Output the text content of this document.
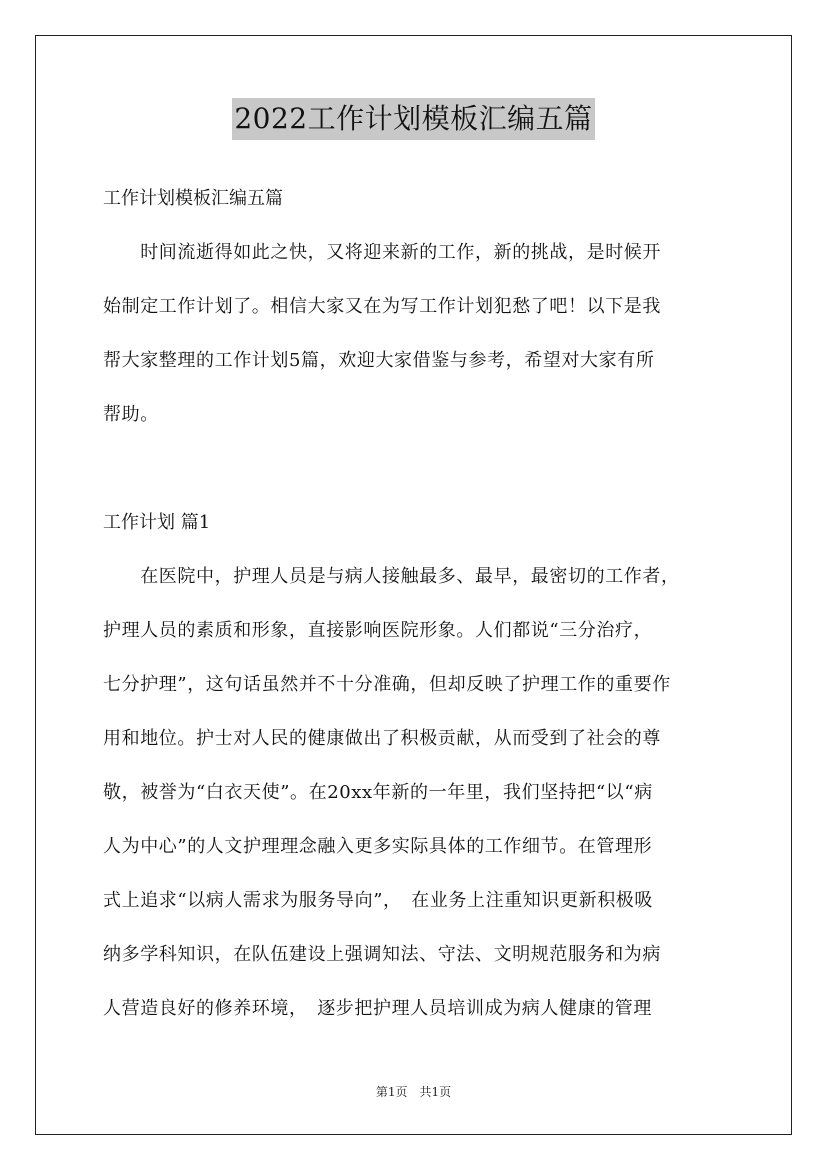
2022工作计划模板汇编五篇

工作计划模板汇编五篇

　　时间流逝得如此之快，又将迎来新的工作，新的挑战，是时候开

始制定工作计划了。相信大家又在为写工作计划犯愁了吧！以下是我

帮大家整理的工作计划5篇，欢迎大家借鉴与参考，希望对大家有所

帮助。

工作计划 篇1

　　在医院中，护理人员是与病人接触最多、最早，最密切的工作者，

护理人员的素质和形象，直接影响医院形象。人们都说“三分治疗，

七分护理”，这句话虽然并不十分准确，但却反映了护理工作的重要作

用和地位。护士对人民的健康做出了积极贡献，从而受到了社会的尊

敬，被誉为“白衣天使”。在20xx年新的一年里，我们坚持把“以“病

人为中心”的人文护理理念融入更多实际具体的工作细节。在管理形

式上追求“以病人需求为服务导向”，　在业务上注重知识更新积极吸

纳多学科知识，在队伍建设上强调知法、守法、文明规范服务和为病

人营造良好的修养环境，　逐步把护理人员培训成为病人健康的管理

第1页　共1页
